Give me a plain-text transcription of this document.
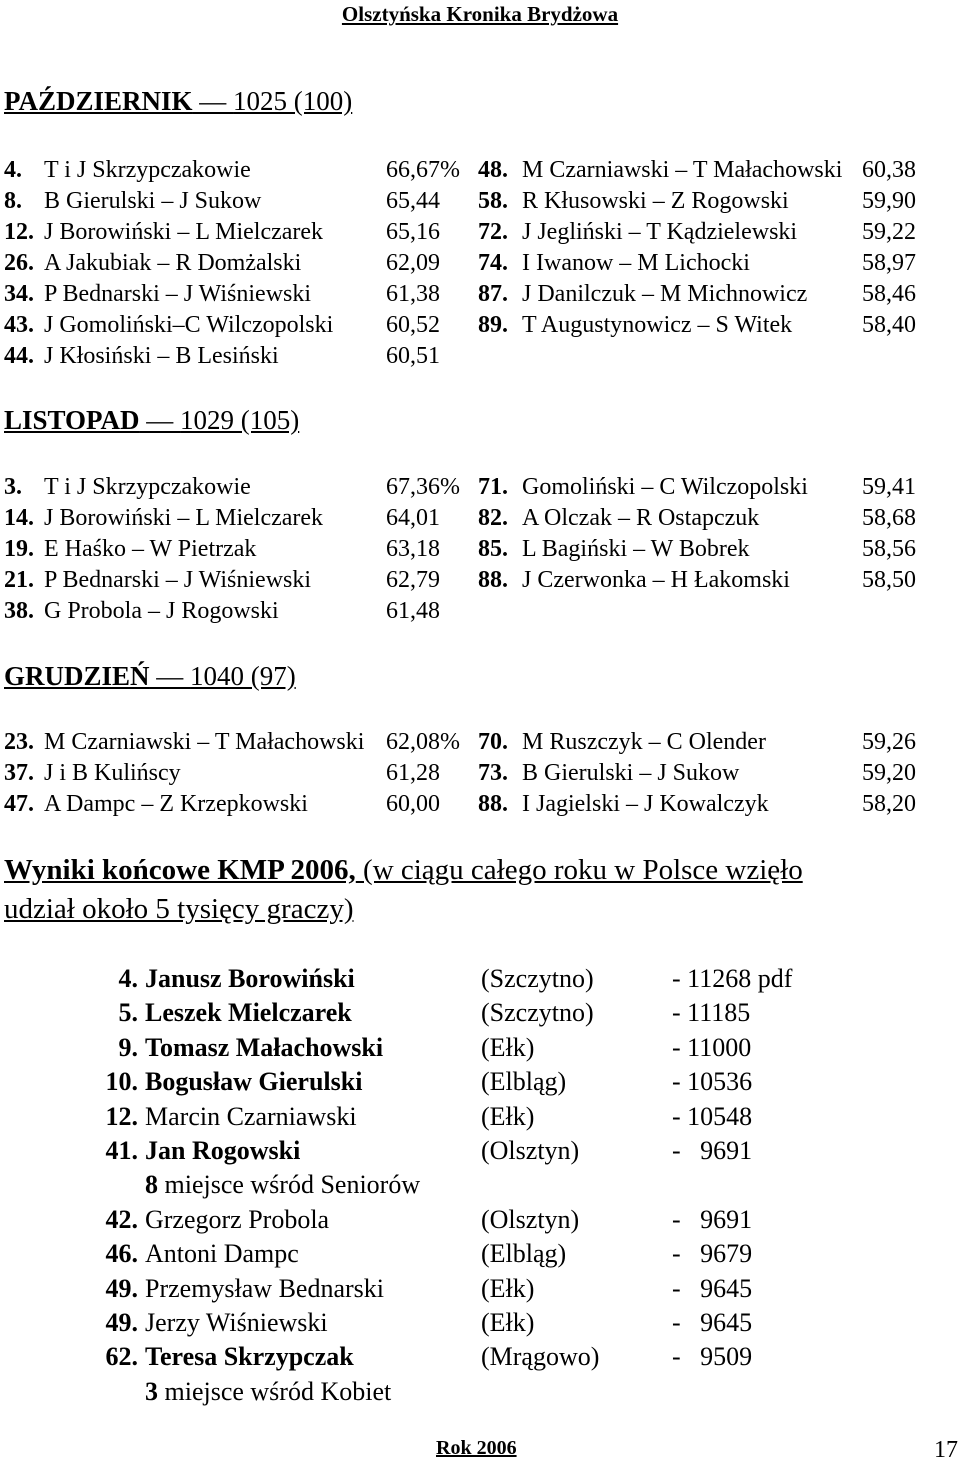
Olsztyńska Kronika Brydżowa
PAŹDZIERNIK — 1025 (100)
4. T i J Skrzypczakowie	66,67%
8. B Gierulski – J Sukow	65,44
12. J Borowiński – L Mielczarek	65,16
26. A Jakubiak – R Domżalski	62,09
34. P Bednarski – J Wiśniewski	61,38
43. J Gomoliński–C Wilczopolski 60,52
44. J Kłosiński – B Lesiński	60,51
48. M Czarniawski – T Małachowski 60,38
58. R Kłusowski – Z Rogowski	59,90
72. J Jegliński – T Kądzielewski	59,22
74. I Iwanow – M Lichocki	58,97
87. J Danilczuk – M Michnowicz 58,46
89. T Augustynowicz – S Witek	58,40
LISTOPAD — 1029 (105)
3. T i J Skrzypczakowie	67,36%
14. J Borowiński – L Mielczarek	64,01
19. E Haśko – W Pietrzak	63,18
21. P Bednarski – J Wiśniewski	62,79
38. G Probola – J Rogowski	61,48
71. Gomoliński – C Wilczopolski 59,41
82. A Olczak – R Ostapczuk	58,68
85. L Bagiński – W Bobrek	58,56
88. J Czerwonka – H Łakomski	58,50
GRUDZIEŃ — 1040 (97)
23. M Czarniawski – T Małachowski 62,08%
37. J i B Kulińscy	61,28
47. A Dampc – Z Krzepkowski	60,00
70. M Ruszczyk – C Olender	59,26
73. B Gierulski – J Sukow	59,20
88. I Jagielski – J Kowalczyk	58,20
Wyniki końcowe KMP 2006, (w ciągu całego roku w Polsce wzięło
udział około 5 tysięcy graczy)
4. Janusz Borowiński	(Szczytno)	- 11268 pdf
5. Leszek Mielczarek	(Szczytno)	- 11185
9. Tomasz Małachowski	(Ełk)	- 11000
10. Bogusław Gierulski	(Elbląg)	- 10536
12. Marcin Czarniawski	(Ełk)	- 10548
41. Jan Rogowski	(Olsztyn)	-   9691
8 miejsce wśród Seniorów
42. Grzegorz Probola	(Olsztyn)	-   9691
46. Antoni Dampc	(Elbląg)	-   9679
49. Przemysław Bednarski	(Ełk)	-   9645
49. Jerzy Wiśniewski	(Ełk)	-   9645
62. Teresa Skrzypczak	(Mrągowo)	-   9509
3 miejsce wśród Kobiet
Rok 2006	17
